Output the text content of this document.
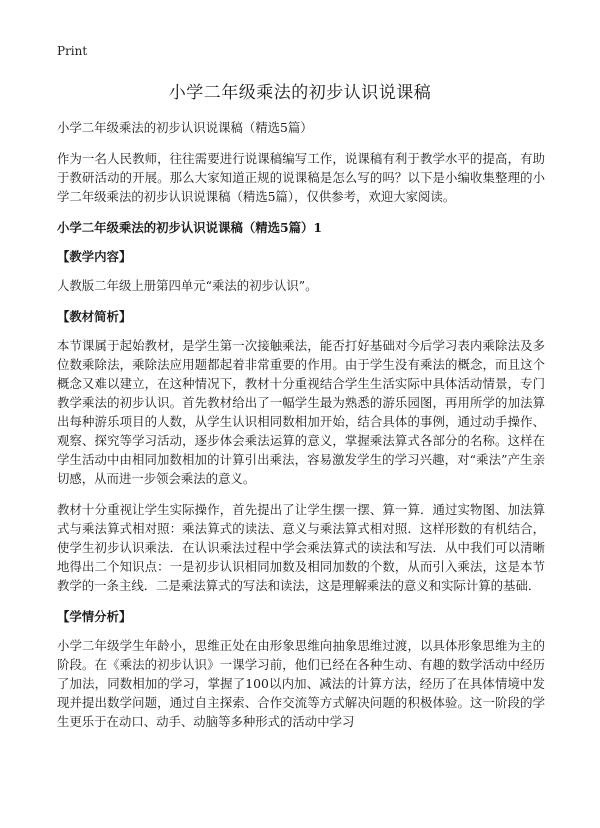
Print
小学二年级乘法的初步认识说课稿

小学二年级乘法的初步认识说课稿（精选5篇）

作为一名人民教师，往往需要进行说课稿编写工作，说课稿有利于教学水平的提高，有助于教研活动的开展。那么大家知道正规的说课稿是怎么写的吗？以下是小编收集整理的小学二年级乘法的初步认识说课稿（精选5篇），仅供参考，欢迎大家阅读。

小学二年级乘法的初步认识说课稿（精选5篇）1

【教学内容】

人教版二年级上册第四单元“乘法的初步认识”。

【教材简析】

本节课属于起始教材，是学生第一次接触乘法，能否打好基础对今后学习表内乘除法及多位数乘除法，乘除法应用题都起着非常重要的作用。由于学生没有乘法的概念，而且这个概念又难以建立，在这种情况下，教材十分重视结合学生生活实际中具体活动情景，专门教学乘法的初步认识。首先教材给出了一幅学生最为熟悉的游乐园图，再用所学的加法算出每种游乐项目的人数，从学生认识相同数相加开始，结合具体的事例，通过动手操作、观察、探究等学习活动，逐步体会乘法运算的意义，掌握乘法算式各部分的名称。这样在学生活动中由相同加数相加的计算引出乘法，容易激发学生的学习兴趣，对“乘法”产生亲切感，从而进一步领会乘法的意义。

教材十分重视让学生实际操作，首先提出了让学生摆一摆、算一算．通过实物图、加法算式与乘法算式相对照：乘法算式的读法、意义与乘法算式相对照．这样形数的有机结合，使学生初步认识乘法．在认识乘法过程中学会乘法算式的读法和写法．从中我们可以清晰地得出二个知识点：一是初步认识相同加数及相同加数的个数，从而引入乘法，这是本节教学的一条主线．二是乘法算式的写法和读法，这是理解乘法的意义和实际计算的基础．

【学情分析】

小学二年级学生年龄小，思维正处在由形象思维向抽象思维过渡，以具体形象思维为主的阶段。在《乘法的初步认识》一课学习前，他们已经在各种生动、有趣的数学活动中经历了加法，同数相加的学习，掌握了100以内加、减法的计算方法，经历了在具体情境中发现并提出数学问题，通过自主探索、合作交流等方式解决问题的积极体验。这一阶段的学生更乐于在动口、动手、动脑等多种形式的活动中学习
